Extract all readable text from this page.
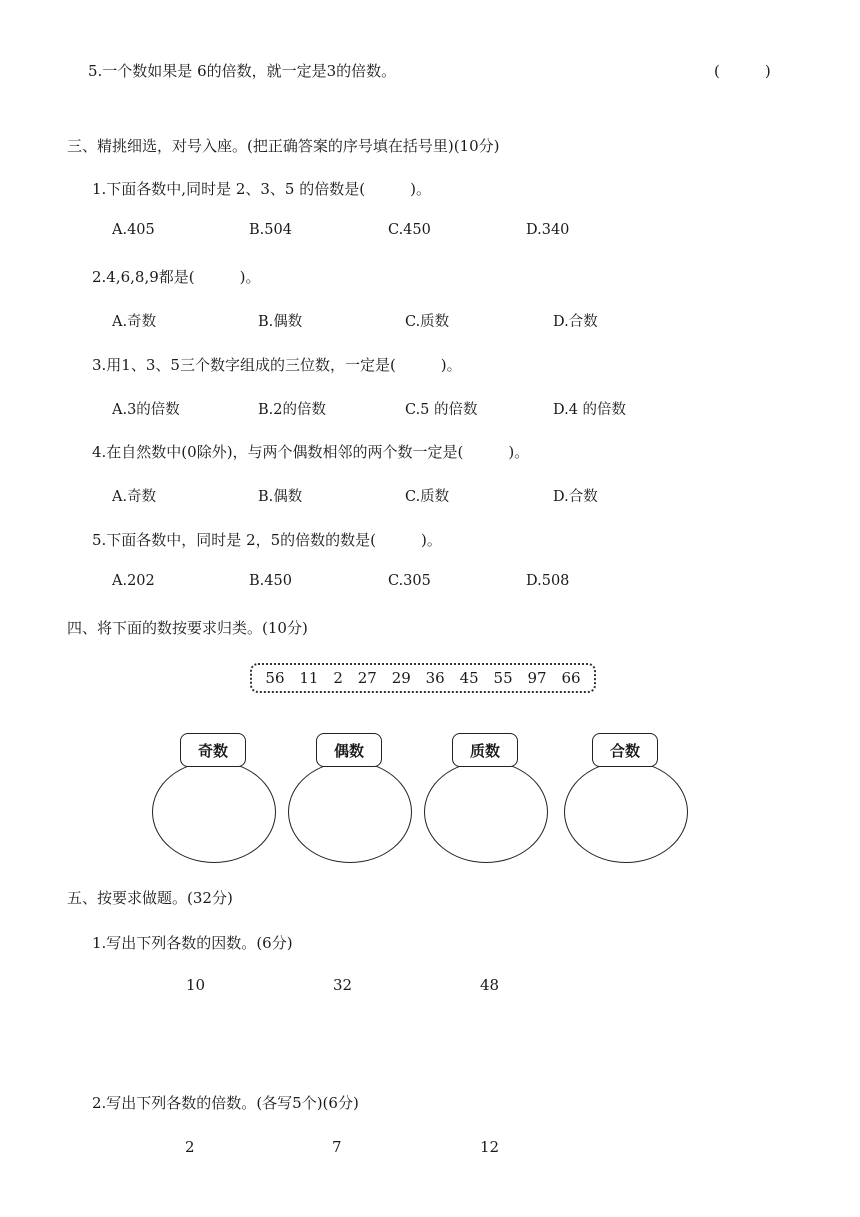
5.一个数如果是 6的倍数，就一定是3的倍数。	(　　　)
三、精挑细选，对号入座。(把正确答案的序号填在括号里)(10分)
1.下面各数中,同时是 2、3、5 的倍数是(　　　)。
A.405	B.504	C.450	D.340
2.4,6,8,9都是(　　　)。
A.奇数	B.偶数	C.质数	D.合数
3.用1、3、5三个数字组成的三位数，一定是(　　　)。
A.3的倍数	B.2的倍数	C.5 的倍数	D.4 的倍数
4.在自然数中(0除外)，与两个偶数相邻的两个数一定是(　　　)。
A.奇数	B.偶数	C.质数	D.合数
5.下面各数中，同时是 2，5的倍数的数是(　　　)。
A.202	B.450	C.305	D.508
四、将下面的数按要求归类。(10分)
56 11 2 27 29 36 45 55 97 66
奇数	偶数	质数	合数
五、按要求做题。(32分)
1.写出下列各数的因数。(6分)
10	32	48
2.写出下列各数的倍数。(各写5个)(6分)
2	7	12
